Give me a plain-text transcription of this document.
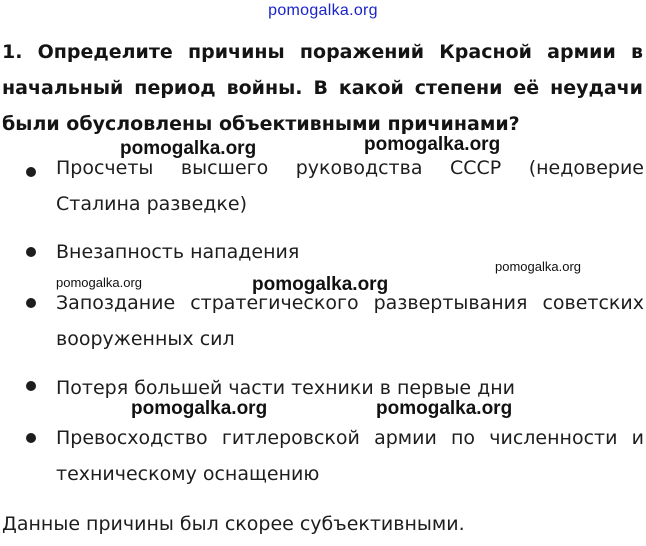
pomogalka.org
1. Определите причины поражений Красной армии в начальный период войны. В какой степени её неудачи были обусловлены объективными причинами?
Просчеты высшего руководства СССР (недоверие Сталина разведке)
Внезапность нападения
Запоздание стратегического развертывания советских вооруженных сил
Потеря большей части техники в первые дни
Превосходство гитлеровской армии по численности и техническому оснащению
Данные причины был скорее субъективными.
pomogalka.org	pomogalka.org
pomogalka.org	pomogalka.org
pomogalka.org
pomogalka.org	pomogalka.org
